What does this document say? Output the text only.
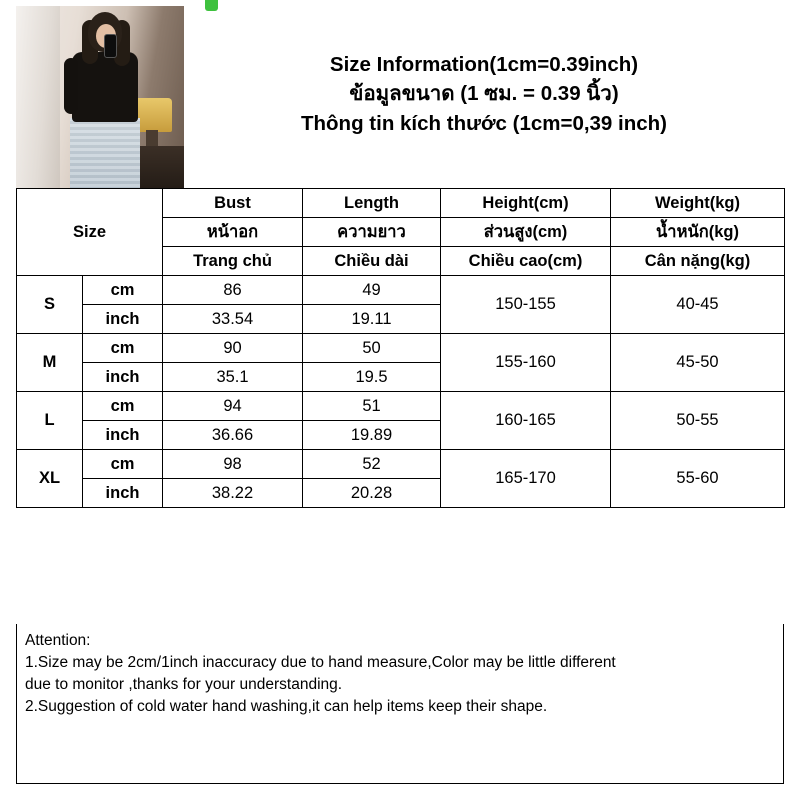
Size Information(1cm=0.39inch)
ข้อมูลขนาด (1 ซม. = 0.39 นิ้ว)
Thông tin kích thước (1cm=0,39 inch)
Size		Bust	Length	Height(cm)	Weight(kg)
		หน้าอก	ความยาว	ส่วนสูง(cm)	น้ำหนัก(kg)
		Trang chủ	Chiều dài	Chiều cao(cm)	Cân nặng(kg)
S	cm	86	49	150-155	40-45
	inch	33.54	19.11		
M	cm	90	50	155-160	45-50
	inch	35.1	19.5		
L	cm	94	51	160-165	50-55
	inch	36.66	19.89		
XL	cm	98	52	165-170	55-60
	inch	38.22	20.28		
Attention:
1.Size may be 2cm/1inch inaccuracy due to hand measure,Color may be little different
due to monitor ,thanks for your understanding.
2.Suggestion of cold water hand washing,it can help items keep their shape.
